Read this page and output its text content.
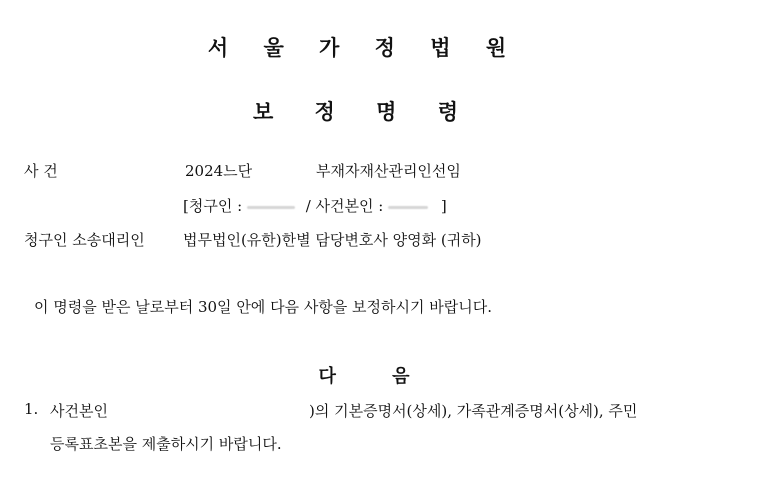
서 울 가 정 법 원
보 정 명 령
사 건	2024느단	부재자재산관리인선임
[청구인 :	/ 사건본인 :	]
청구인 소송대리인	법무법인(유한)한별 담당변호사 양영화 (귀하)
이 명령을 받은 날로부터 30일 안에 다음 사항을 보정하시기 바랍니다.
다 음
1. 사건본인	)의 기본증명서(상세), 가족관계증명서(상세), 주민
등록표초본을 제출하시기 바랍니다.
